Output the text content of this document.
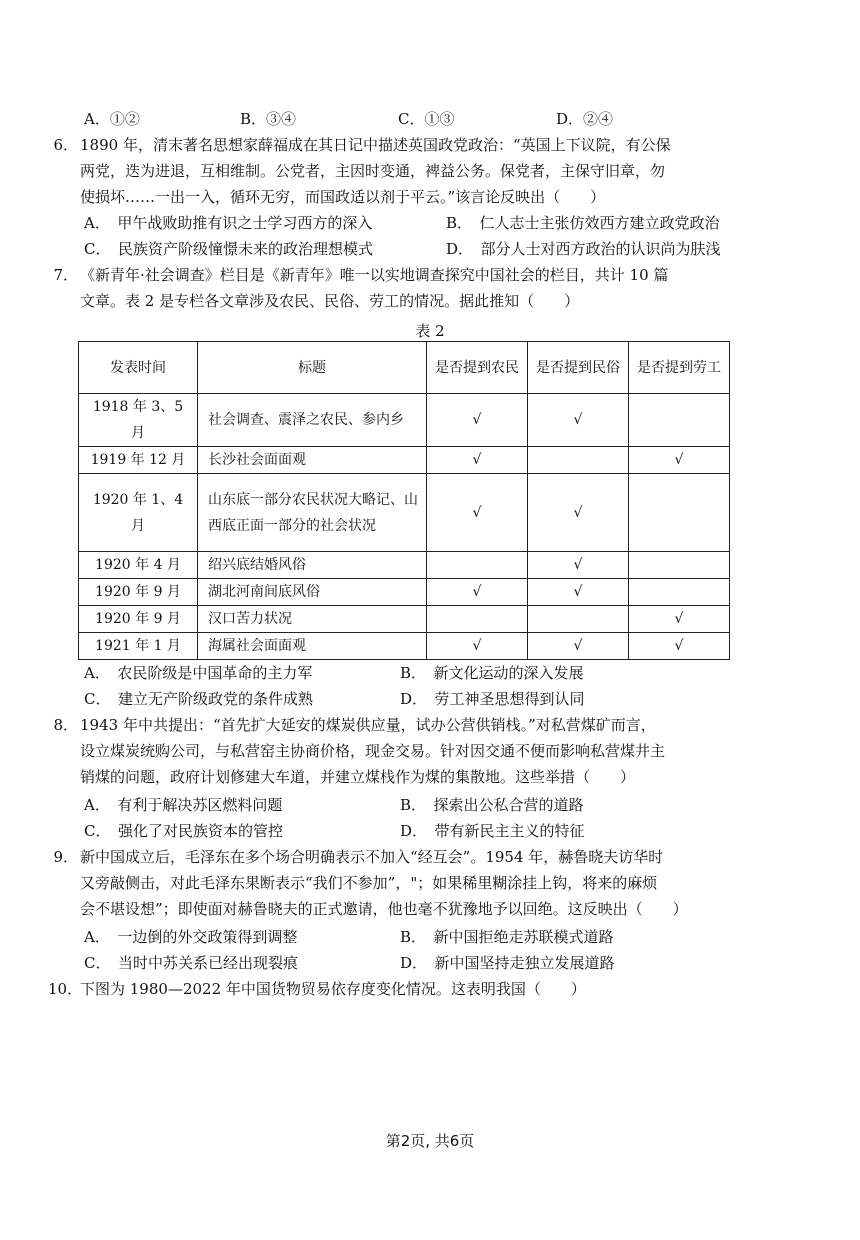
A．①②	B．③④	C．①③	D．②④
6． 1890 年，清末著名思想家薛福成在其日记中描述英国政党政治：“英国上下议院，有公保
两党，迭为进退，互相维制。公党者，主因时变通，裨益公务。保党者，主保守旧章，勿
使损坏……一出一入，循环无穷，而国政适以剂于平云。”该言论反映出（　　）
A．　甲午战败助推有识之士学习西方的深入	B．　仁人志士主张仿效西方建立政党政治
C．　民族资产阶级憧憬未来的政治理想模式	D．　部分人士对西方政治的认识尚为肤浅
7． 《新青年·社会调查》栏目是《新青年》唯一以实地调查探究中国社会的栏目，共计 10 篇
文章。表 2 是专栏各文章涉及农民、民俗、劳工的情况。据此推知（　　）
表 2
发表时间	标题	是否提到农民	是否提到民俗	是否提到劳工
1918 年 3、5 月	社会调查、震泽之农民、参内乡	√	√	
1919 年 12 月	长沙社会面面观	√		√
1920 年 1、4 月	山东底一部分农民状况大略记、山西底正面一部分的社会状况	√	√	
1920 年 4 月	绍兴底结婚风俗		√	
1920 年 9 月	湖北河南间底风俗	√	√	
1920 年 9 月	汉口苦力状况			√
1921 年 1 月	海属社会面面观	√	√	√
A．　农民阶级是中国革命的主力军	B．　新文化运动的深入发展
C．　建立无产阶级政党的条件成熟	D．　劳工神圣思想得到认同
8． 1943 年中共提出：“首先扩大延安的煤炭供应量，试办公营供销栈。”对私营煤矿而言，
设立煤炭统购公司，与私营窑主协商价格，现金交易。针对因交通不便而影响私营煤井主
销煤的问题，政府计划修建大车道，并建立煤栈作为煤的集散地。这些举措（　　）
A．　有利于解决苏区燃料问题	B．　探索出公私合营的道路
C．　强化了对民族资本的管控	D．　带有新民主主义的特征
9． 新中国成立后，毛泽东在多个场合明确表示不加入“经互会”。1954 年，赫鲁晓夫访华时
又旁敲侧击，对此毛泽东果断表示“我们不参加”，"；如果稀里糊涂挂上钩，将来的麻烦
会不堪设想”；即使面对赫鲁晓夫的正式邀请，他也毫不犹豫地予以回绝。这反映出（　　）
A．　一边倒的外交政策得到调整	B．　新中国拒绝走苏联模式道路
C．　当时中苏关系已经出现裂痕	D．　新中国坚持走独立发展道路
10．
下图为 1980—2022 年中国货物贸易依存度变化情况。这表明我国（　　）
第2页, 共6页
